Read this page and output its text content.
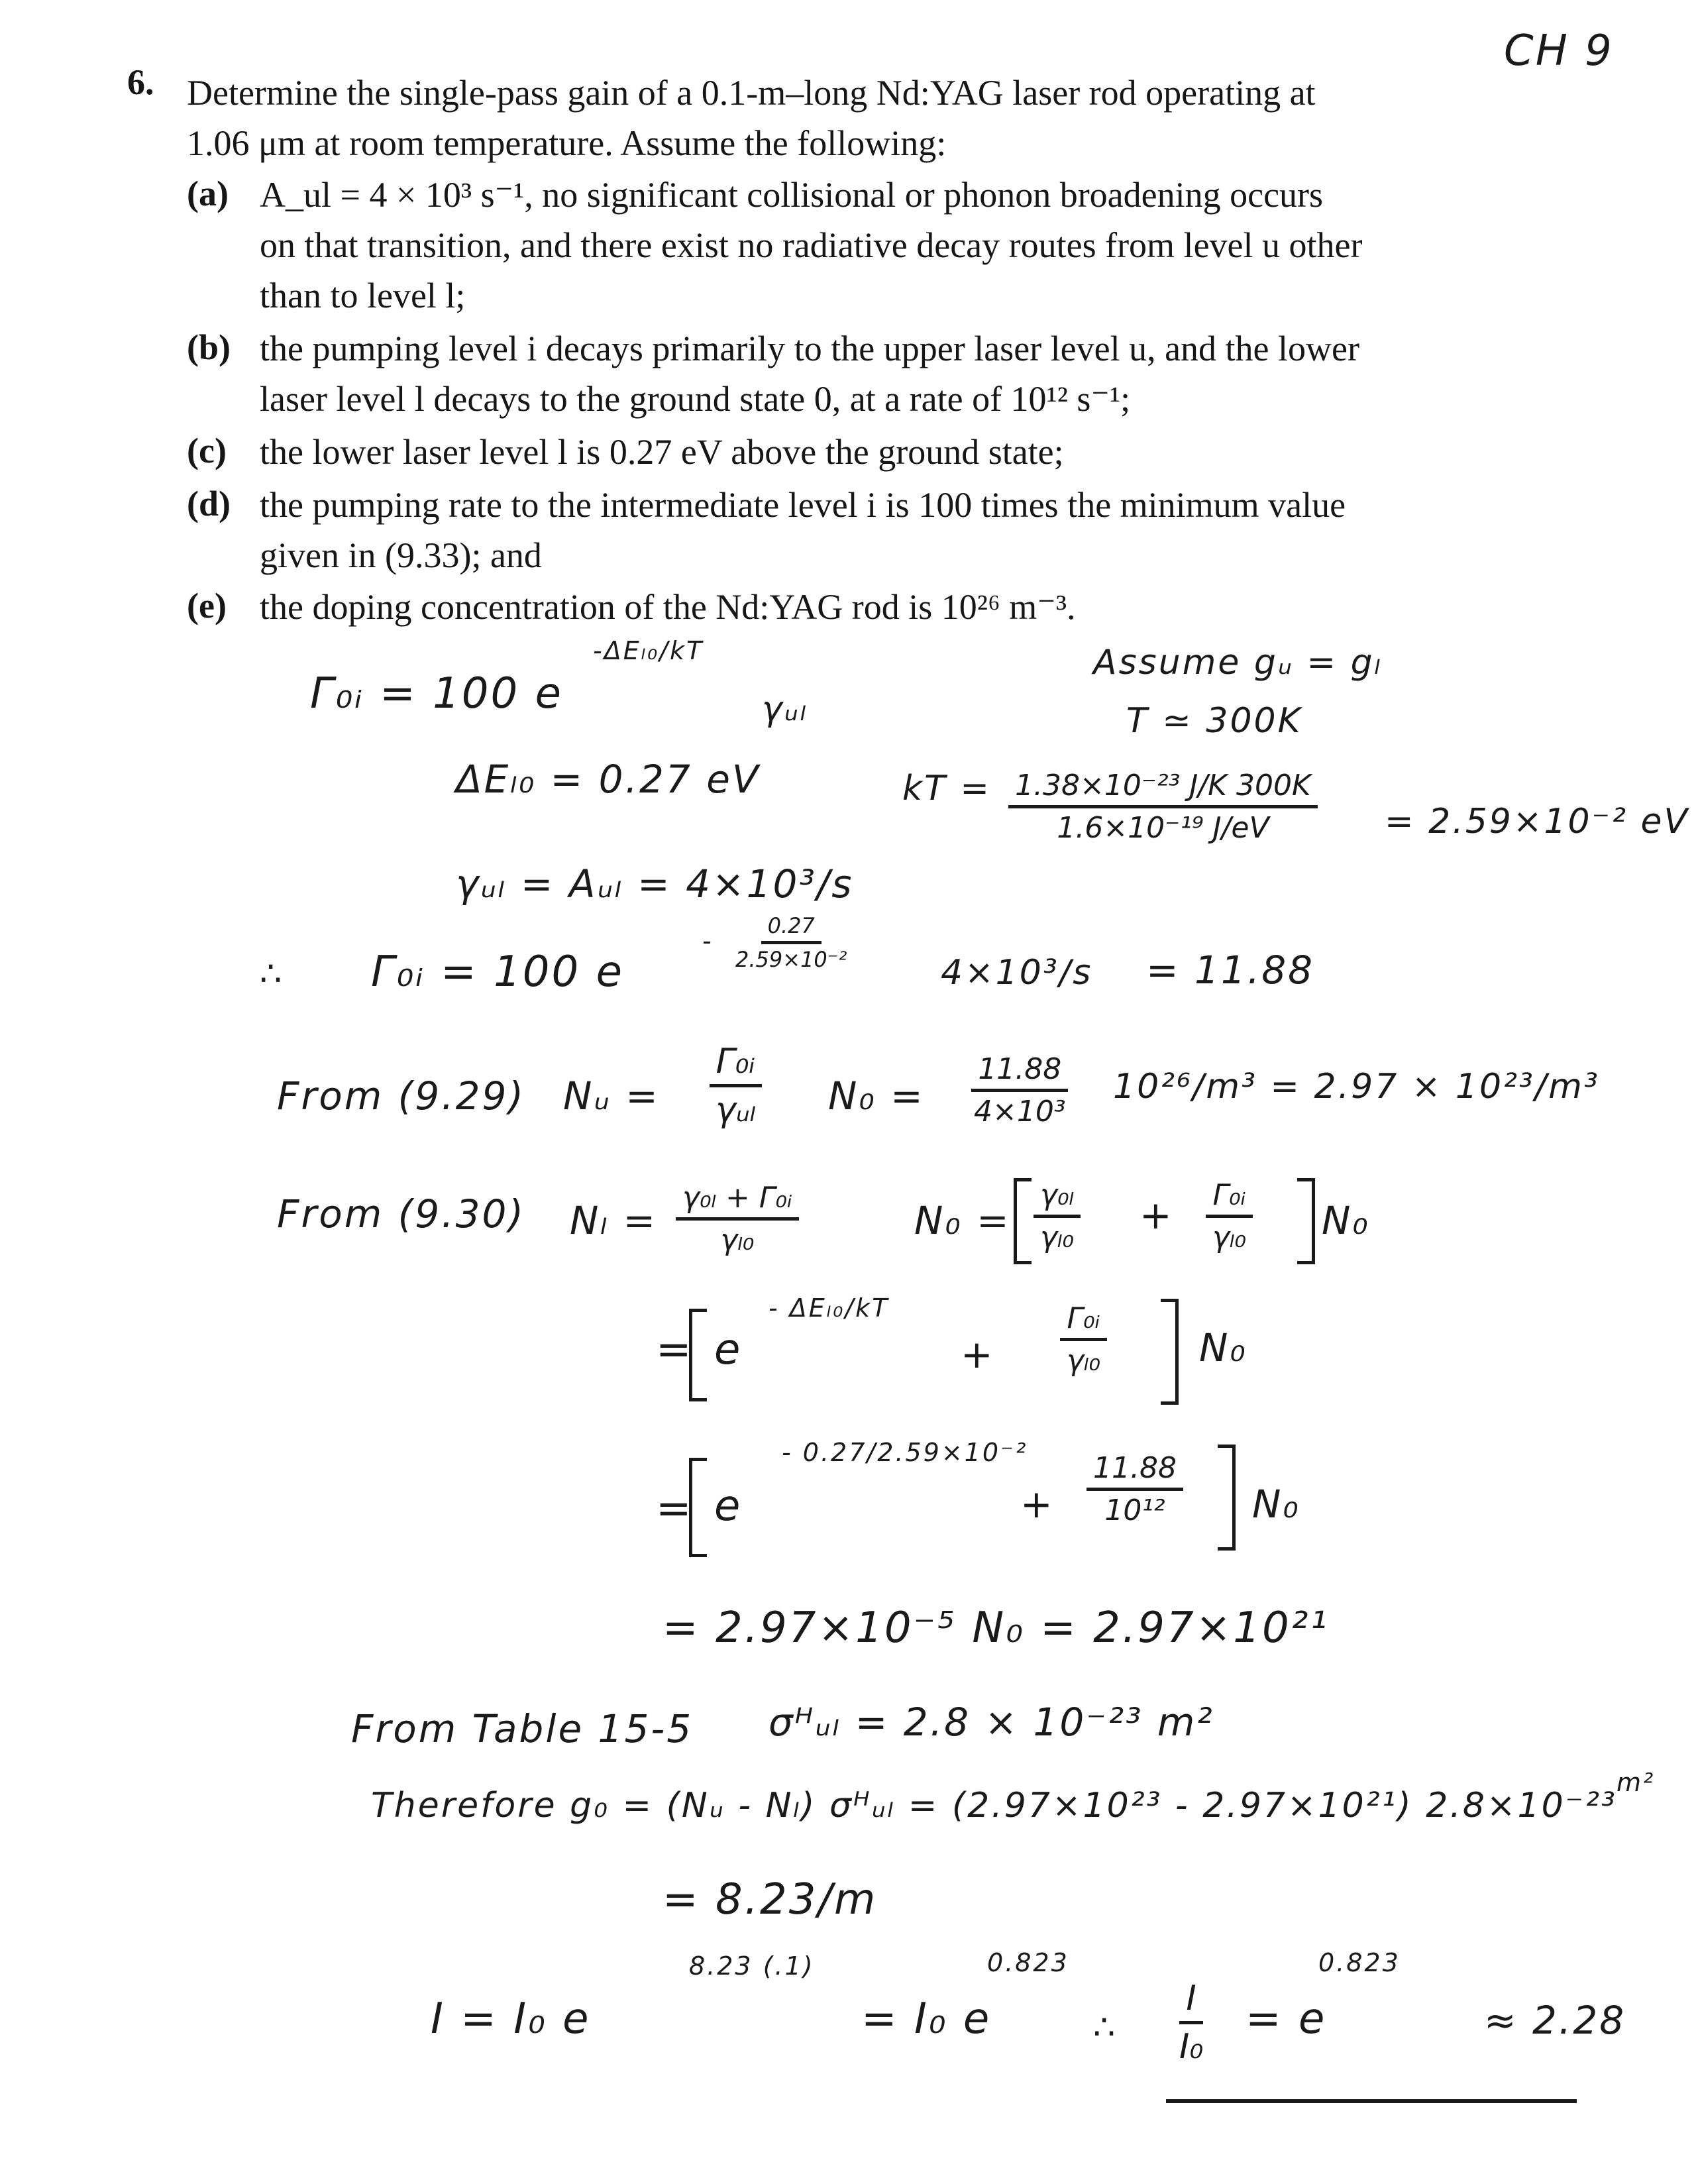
CH 9
6. Determine the single-pass gain of a 0.1-m–long Nd:YAG laser rod operating at
1.06 μm at room temperature. Assume the following:
(a) A_ul = 4 × 10³ s⁻¹, no significant collisional or phonon broadening occurs
on that transition, and there exist no radiative decay routes from level u other
than to level l;
(b) the pumping level i decays primarily to the upper laser level u, and the lower
laser level l decays to the ground state 0, at a rate of 10¹² s⁻¹;
(c) the lower laser level l is 0.27 eV above the ground state;
(d) the pumping rate to the intermediate level i is 100 times the minimum value
given in (9.33); and
(e) the doping concentration of the Nd:YAG rod is 10²⁶ m⁻³.
Γ₀ᵢ = 100 e
-ΔEₗ₀/kT
γᵤₗ
Assume gᵤ = gₗ
T ≃ 300K
ΔEₗ₀ = 0.27 eV	kT = $\frac{\text{1.38×10⁻²³ J/K 300K}}{\text{1.6×10⁻¹⁹ J/eV}} = 2.59\times 10^{-2}$ eV
γᵤₗ = Aᵤₗ = 4×10³/s
∴ Γ₀ᵢ = 100 e
- $\frac{0.27}{\text{2.59×10⁻²}}$
4×10³/s = 11.88
From (9.29) Nᵤ =
Γ₀ᵢ
γᵤₗ $N_0 = \frac{11.88}{\text{4×10³}} 10^{26}/m^3 = 2.97 \times 10^{23}/m^3$
From (9.30) $N_l = \frac{\text{γ₀ₗ + Γ₀ᵢ}}{\text{γₗ₀}}$	$N_0 = \frac{\text{γ₀ₗ}}{\text{γₗ₀}} + \frac{\text{Γ₀ᵢ}}{\text{γₗ₀}} N_0$
= e
- ΔEₗ₀/kT
+ $\frac{\text{Γ₀ᵢ}}{\text{γₗ₀}} N_0$
= e
- 0.27/2.59×10⁻²
+ $\frac{11.88}{\text{10¹²}} N_0$
= 2.97×10⁻⁵ N₀ = 2.97×10²¹
From Table 15-5 σᴴᵤₗ = 2.8 × 10⁻²³ m²
Therefore g₀ = (Nᵤ - Nₗ) σᴴᵤₗ = (2.97×10²³ - 2.97×10²¹) 2.8×10⁻²³
m²
= 8.23/m
I = I₀ e
8.23 (.1)
= I₀ e
0.823
∴ $\frac{I}{\text{I₀}} = e$
0.823
≈ 2.28
